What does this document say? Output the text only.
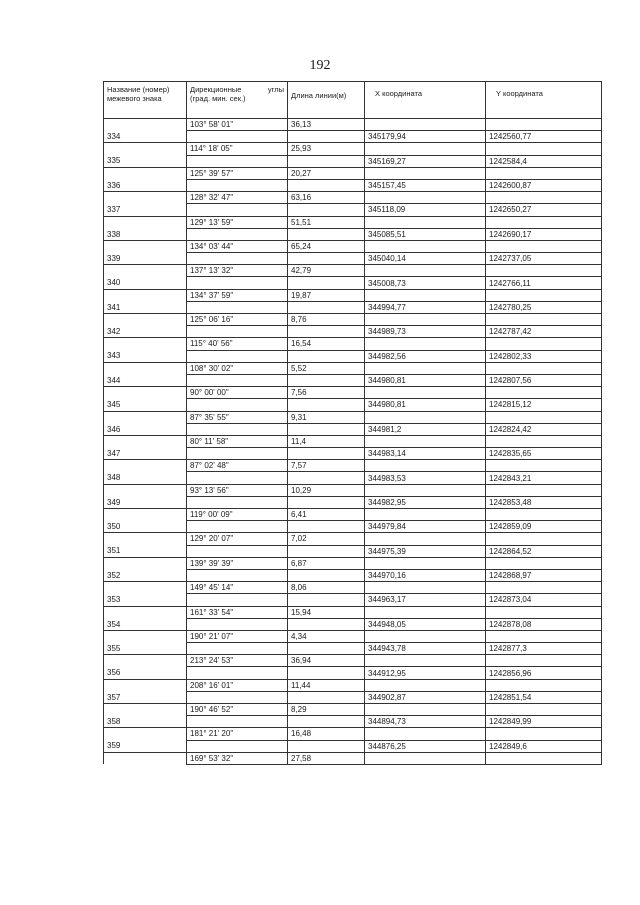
192
Название (номер) межевого знака	Дирекционные углы
(град. мин. сек.)	Длина линии(м)	X координата	Y координата
	103° 58' 01"	36,13		
334			345179,94	1242560,77
	114° 18' 05"	25,93		
335			345169,27	1242584,4
	125° 39' 57"	20,27		
336			345157,45	1242600,87
	128° 32' 47"	63,16		
337			345118,09	1242650,27
	129° 13' 59"	51,51		
338			345085,51	1242690,17
	134° 03' 44"	65,24		
339			345040,14	1242737,05
	137° 13' 32"	42,79		
340			345008,73	1242766,11
	134° 37' 59"	19,87		
341			344994,77	1242780,25
	125° 06' 16"	8,76		
342			344989,73	1242787,42
	115° 40' 56"	16,54		
343			344982,56	1242802,33
	108° 30' 02"	5,52		
344			344980,81	1242807,56
	90° 00' 00"	7,56		
345			344980,81	1242815,12
	87° 35' 55"	9,31		
346			344981,2	1242824,42
	80° 11' 58"	11,4		
347			344983,14	1242835,65
	87° 02' 48"	7,57		
348			344983,53	1242843,21
	93° 13' 56"	10,29		
349			344982,95	1242853,48
	119° 00' 09"	6,41		
350			344979,84	1242859,09
	129° 20' 07"	7,02		
351			344975,39	1242864,52
	139° 39' 39"	6,87		
352			344970,16	1242868,97
	149° 45' 14"	8,06		
353			344963,17	1242873,04
	161° 33' 54"	15,94		
354			344948,05	1242878,08
	190° 21' 07"	4,34		
355			344943,78	1242877,3
	213° 24' 53"	36,94		
356			344912,95	1242856,96
	208° 16' 01"	11,44		
357			344902,87	1242851,54
	190° 46' 52"	8,29		
358			344894,73	1242849,99
	181° 21' 20"	16,48		
359			344876,25	1242849,6
	169° 53' 32"	27,58		
